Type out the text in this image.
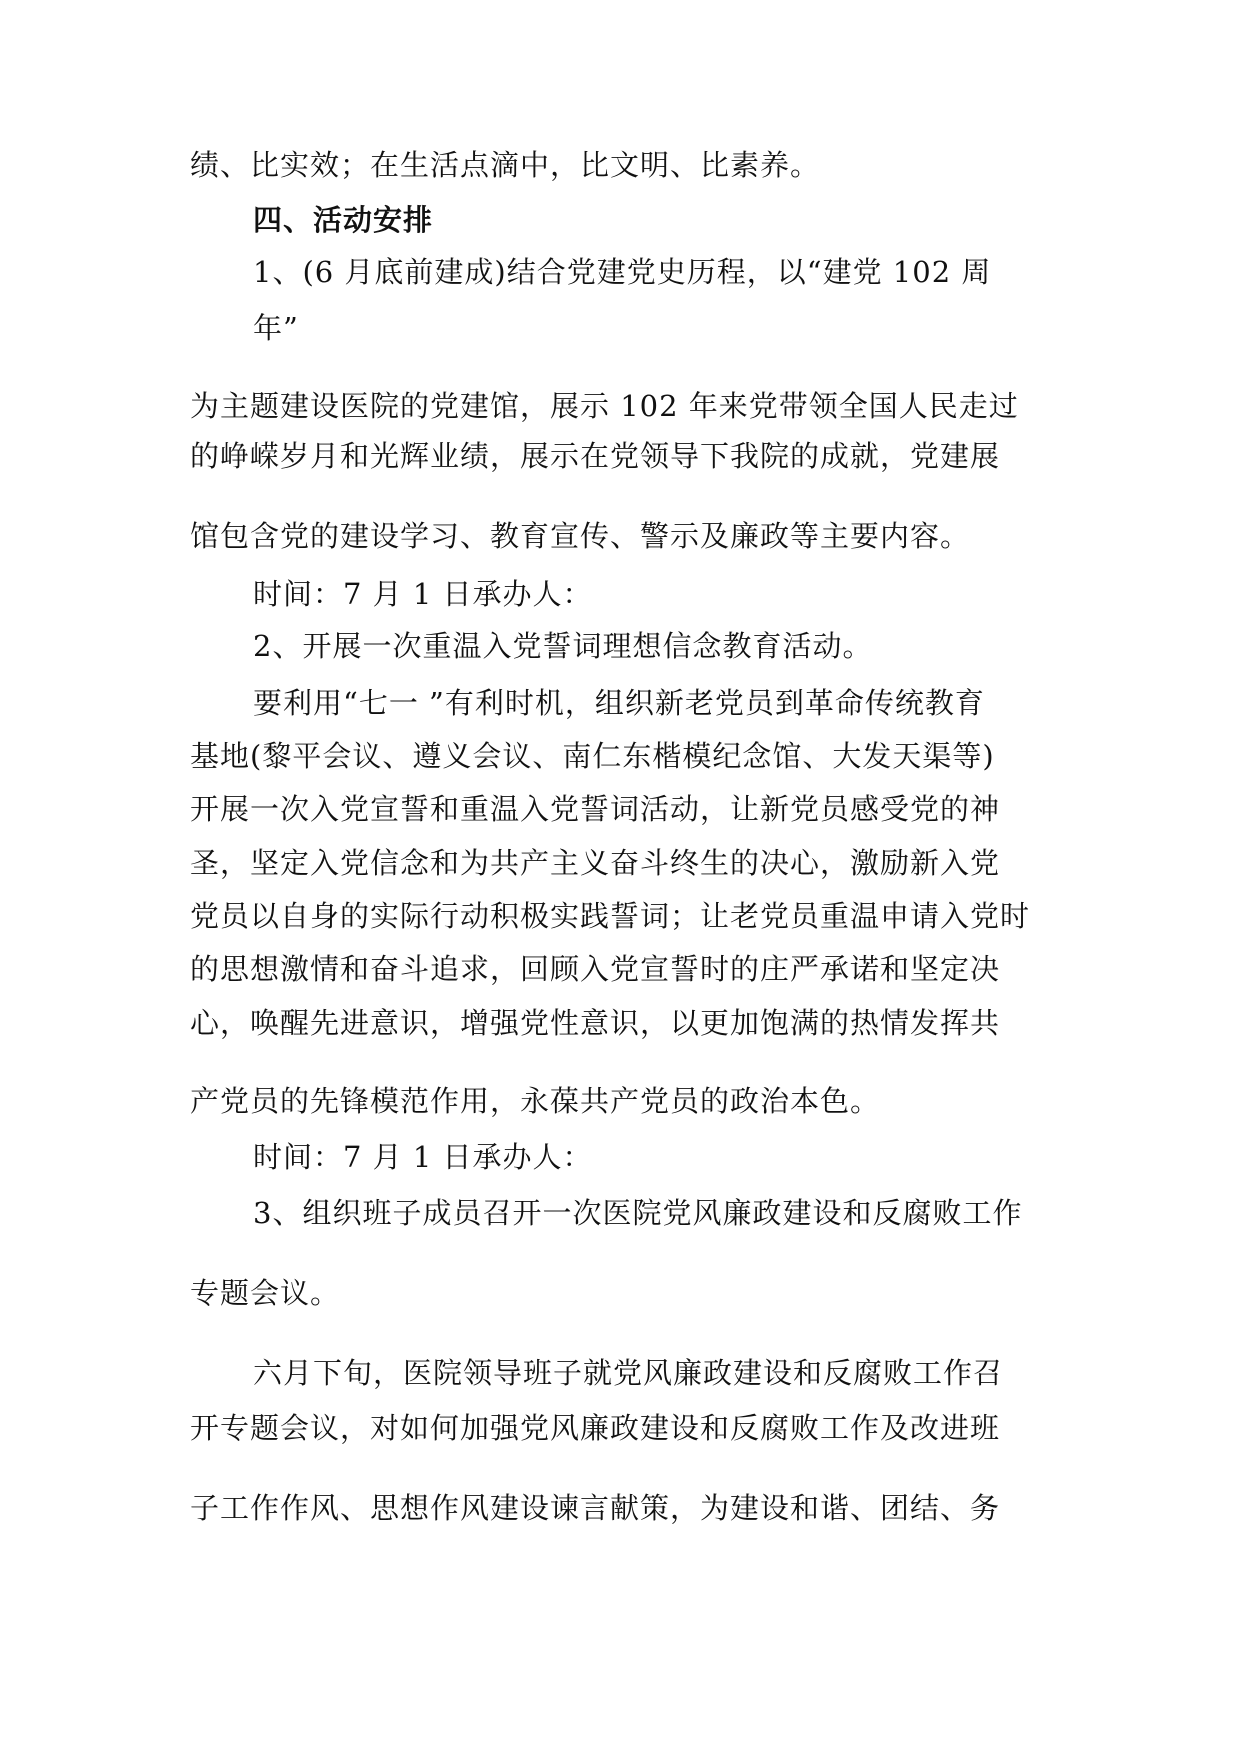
绩、比实效；在生活点滴中，比文明、比素养。
四、活动安排
1、(6 月底前建成)结合党建党史历程，以“建党 102 周
年”
为主题建设医院的党建馆，展示 102 年来党带领全国人民走过
的峥嵘岁月和光辉业绩，展示在党领导下我院的成就，党建展
馆包含党的建设学习、教育宣传、警示及廉政等主要内容。
时间：7 月 1 日承办人：
2、开展一次重温入党誓词理想信念教育活动。
要利用“七一 ”有利时机，组织新老党员到革命传统教育
基地(黎平会议、遵义会议、南仁东楷模纪念馆、大发天渠等)
开展一次入党宣誓和重温入党誓词活动，让新党员感受党的神
圣，坚定入党信念和为共产主义奋斗终生的决心，激励新入党
党员以自身的实际行动积极实践誓词；让老党员重温申请入党时
的思想激情和奋斗追求，回顾入党宣誓时的庄严承诺和坚定决
心，唤醒先进意识，增强党性意识，以更加饱满的热情发挥共
产党员的先锋模范作用，永葆共产党员的政治本色。
时间：7 月 1 日承办人：
3、组织班子成员召开一次医院党风廉政建设和反腐败工作
专题会议。
六月下旬，医院领导班子就党风廉政建设和反腐败工作召
开专题会议，对如何加强党风廉政建设和反腐败工作及改进班
子工作作风、思想作风建设谏言献策，为建设和谐、团结、务
